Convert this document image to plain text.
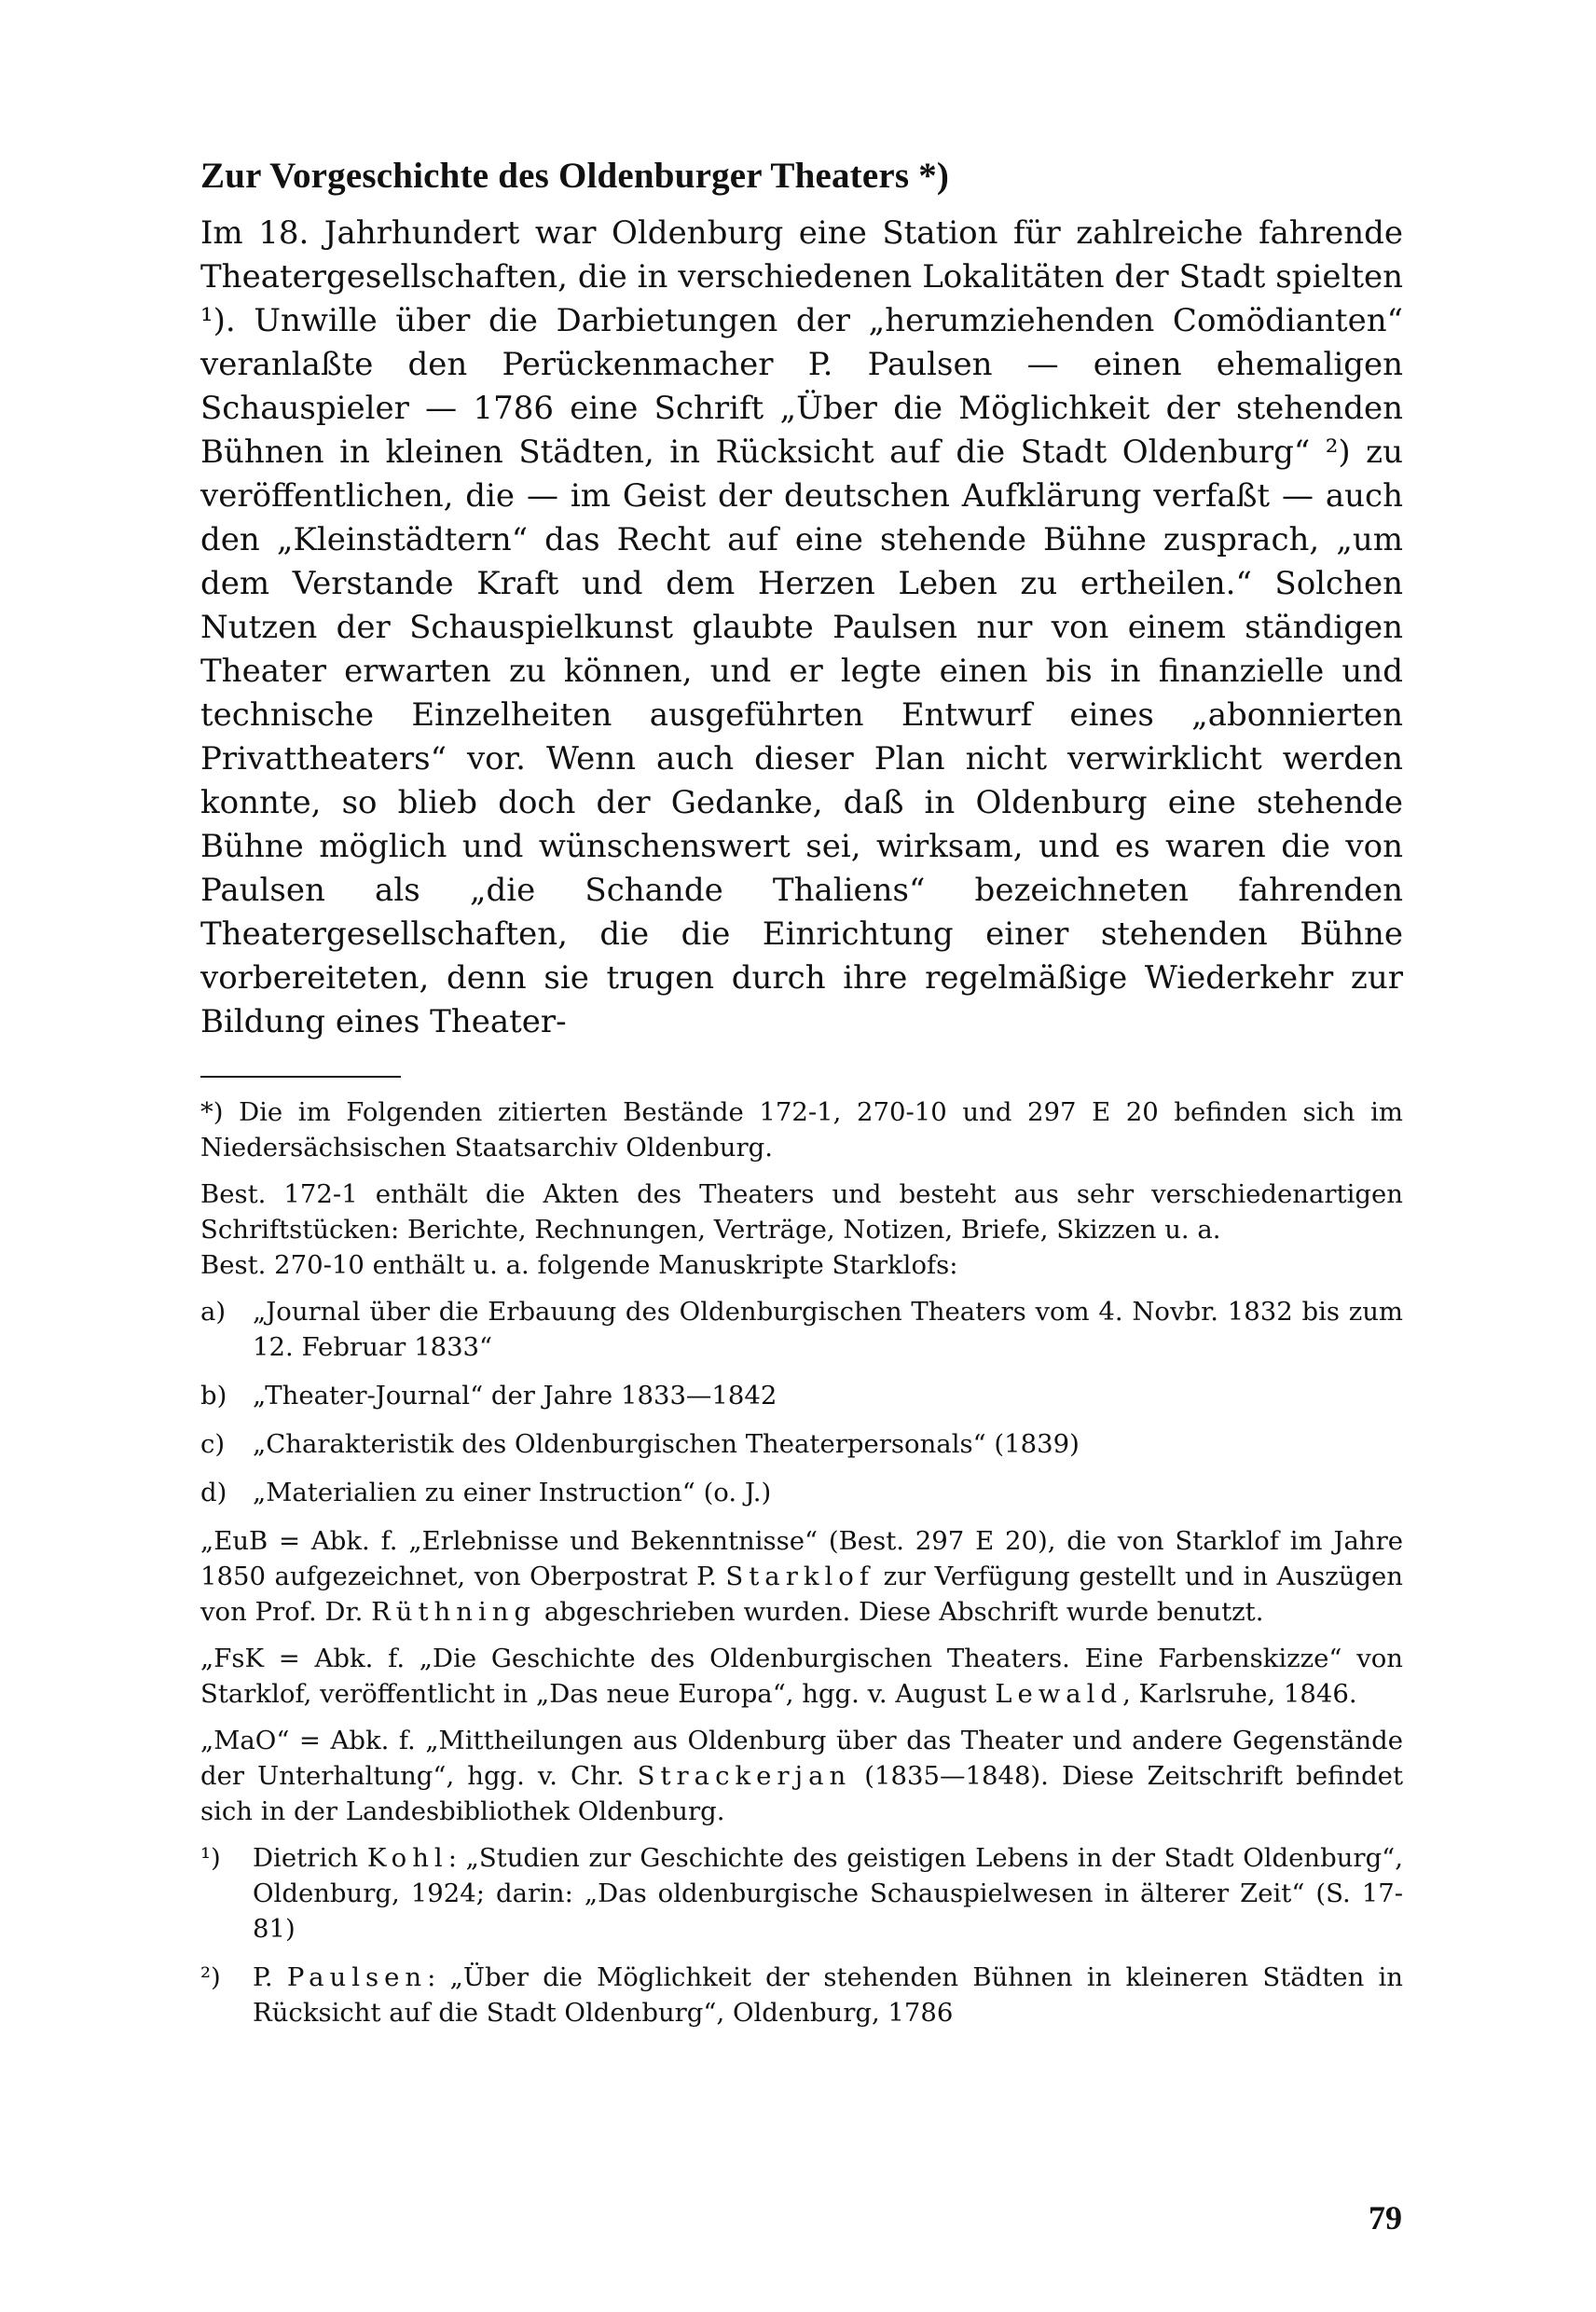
Zur Vorgeschichte des Oldenburger Theaters *)

Im 18. Jahrhundert war Oldenburg eine Station für zahlreiche fahrende Theatergesellschaften, die in verschiedenen Lokalitäten der Stadt spielten ¹). Unwille über die Darbietungen der „herumziehenden Comödianten“ veranlaßte den Perückenmacher P. Paulsen — einen ehemaligen Schauspieler — 1786 eine Schrift „Über die Möglichkeit der stehenden Bühnen in kleinen Städten, in Rücksicht auf die Stadt Oldenburg“ ²) zu veröffentlichen, die — im Geist der deutschen Aufklärung verfaßt — auch den „Kleinstädtern“ das Recht auf eine stehende Bühne zusprach, „um dem Verstande Kraft und dem Herzen Leben zu ertheilen.“ Solchen Nutzen der Schauspielkunst glaubte Paulsen nur von einem ständigen Theater erwarten zu können, und er legte einen bis in finanzielle und technische Einzelheiten ausgeführten Entwurf eines „abonnierten Privattheaters“ vor. Wenn auch dieser Plan nicht verwirklicht werden konnte, so blieb doch der Gedanke, daß in Oldenburg eine stehende Bühne möglich und wünschenswert sei, wirksam, und es waren die von Paulsen als „die Schande Thaliens“ bezeichneten fahrenden Theatergesellschaften, die die Einrichtung einer stehenden Bühne vorbereiteten, denn sie trugen durch ihre regelmäßige Wiederkehr zur Bildung eines Theater-

*) Die im Folgenden zitierten Bestände 172-1, 270-10 und 297 E 20 befinden sich im Niedersächsischen Staatsarchiv Oldenburg.

Best. 172-1 enthält die Akten des Theaters und besteht aus sehr verschiedenartigen Schriftstücken: Berichte, Rechnungen, Verträge, Notizen, Briefe, Skizzen u. a.

Best. 270-10 enthält u. a. folgende Manuskripte Starklofs:

a)	„Journal über die Erbauung des Oldenburgischen Theaters vom 4. Novbr. 1832 bis zum 12. Februar 1833“
b)	„Theater-Journal“ der Jahre 1833—1842
c)	„Charakteristik des Oldenburgischen Theaterpersonals“ (1839)
d)	„Materialien zu einer Instruction“ (o. J.)

„EuB = Abk. f. „Erlebnisse und Bekenntnisse“ (Best. 297 E 20), die von Starklof im Jahre 1850 aufgezeichnet, von Oberpostrat P. Starklof zur Verfügung gestellt und in Auszügen von Prof. Dr. Rüthning abgeschrieben wurden. Diese Abschrift wurde benutzt.

„FsK = Abk. f. „Die Geschichte des Oldenburgischen Theaters. Eine Farbenskizze“ von Starklof, veröffentlicht in „Das neue Europa“, hgg. v. August Lewald, Karlsruhe, 1846.

„MaO“ = Abk. f. „Mittheilungen aus Oldenburg über das Theater und andere Gegenstände der Unterhaltung“, hgg. v. Chr. Strackerjan (1835—1848). Diese Zeitschrift befindet sich in der Landesbibliothek Oldenburg.

¹)	Dietrich Kohl: „Studien zur Geschichte des geistigen Lebens in der Stadt Oldenburg“, Oldenburg, 1924; darin: „Das oldenburgische Schauspielwesen in älterer Zeit“ (S. 17-81)
²)	P. Paulsen: „Über die Möglichkeit der stehenden Bühnen in kleineren Städten in Rücksicht auf die Stadt Oldenburg“, Oldenburg, 1786
79
